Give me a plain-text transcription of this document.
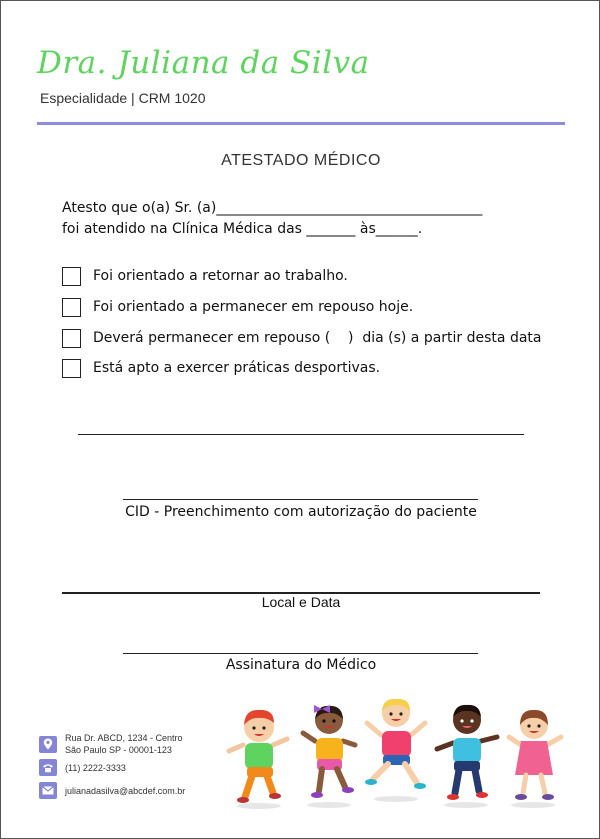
Dra. Juliana da Silva
Especialidade | CRM 1020
ATESTADO MÉDICO
Atesto que o(a) Sr. (a)______________________________________
foi atendido na Clínica Médica das _______ às______.
Foi orientado a retornar ao trabalho.
Foi orientado a permanecer em repouso hoje.
Deverá permanecer em repouso (    )  dia (s) a partir desta data
Está apto a exercer práticas desportivas.
CID - Preenchimento com autorização do paciente
Local e Data
Assinatura do Médico
Rua Dr. ABCD, 1234 - Centro
São Paulo SP - 00001-123
(11) 2222-3333
julianadasilva@abcdef.com.br
